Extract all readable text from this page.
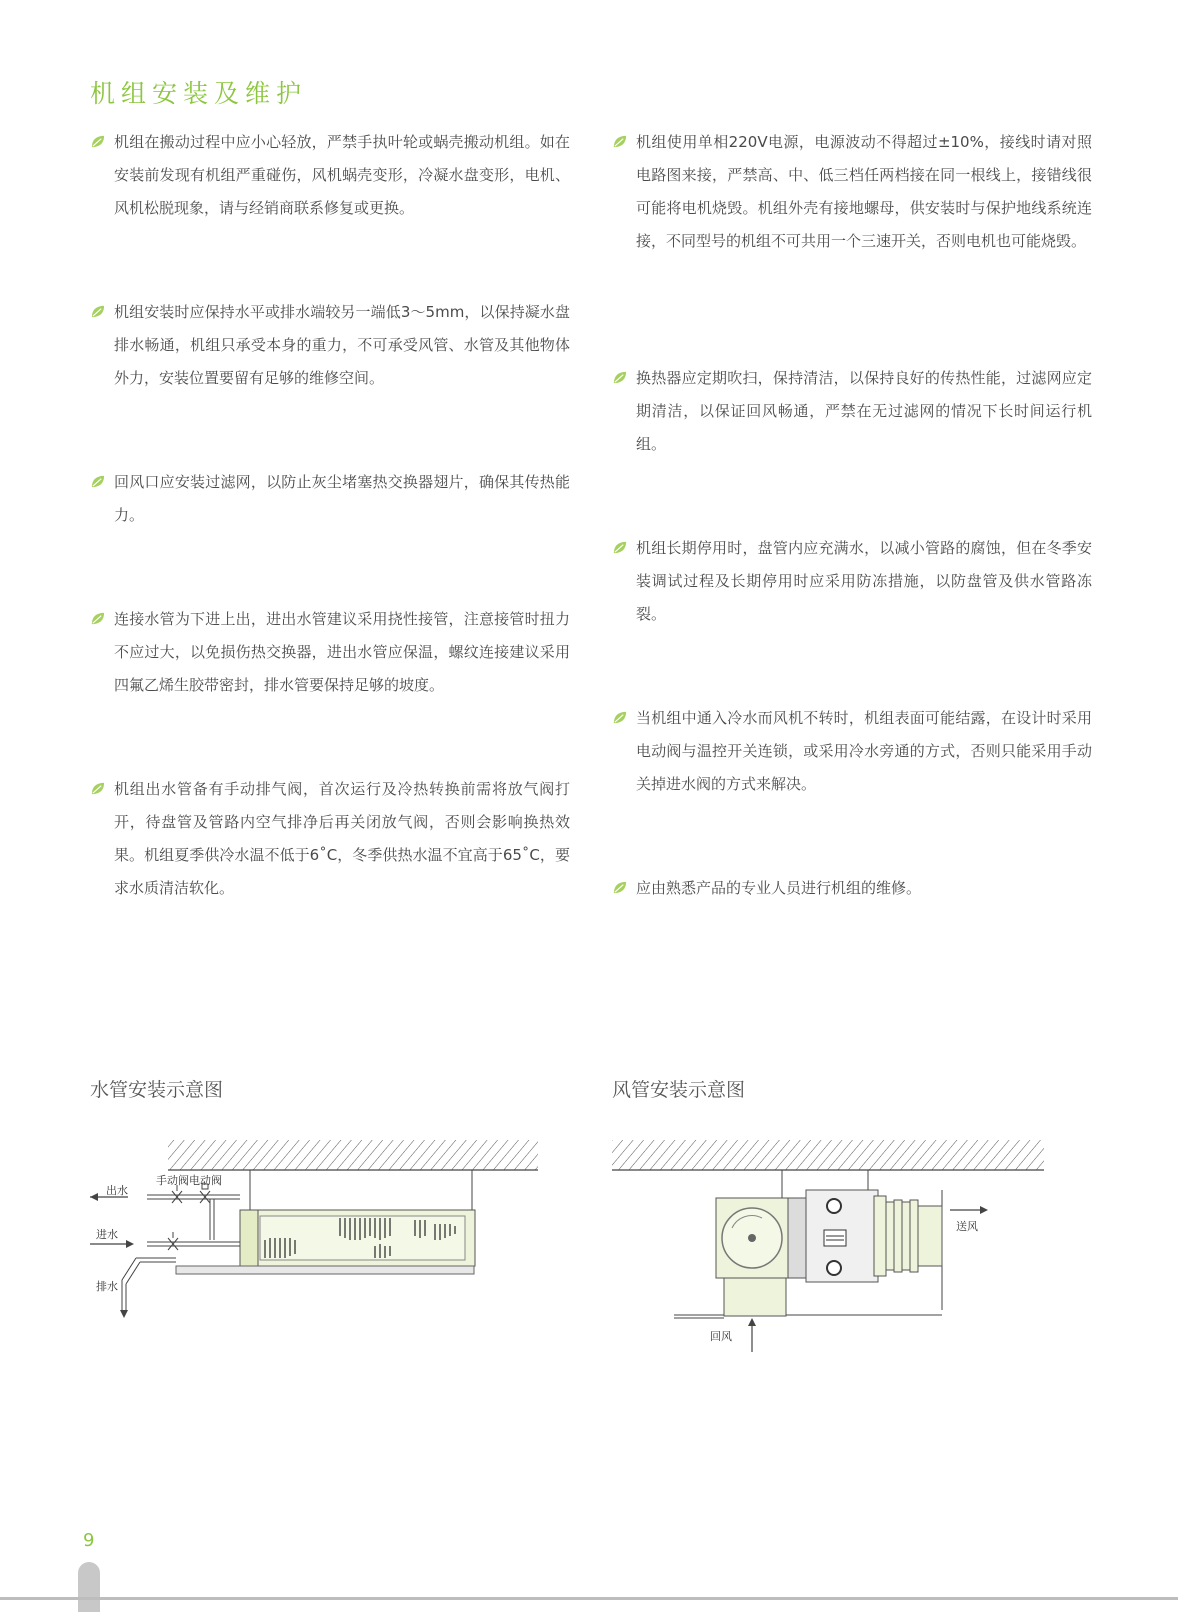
机组安装及维护

机组在搬动过程中应小心轻放，严禁手执叶轮或蜗壳搬动机组。如在安装前发现有机组严重碰伤，风机蜗壳变形，冷凝水盘变形，电机、风机松脱现象，请与经销商联系修复或更换。

机组安装时应保持水平或排水端较另一端低3～5mm，以保持凝水盘排水畅通，机组只承受本身的重力，不可承受风管、水管及其他物体外力，安装位置要留有足够的维修空间。

回风口应安装过滤网，以防止灰尘堵塞热交换器翅片，确保其传热能力。

连接水管为下进上出，进出水管建议采用挠性接管，注意接管时扭力不应过大，以免损伤热交换器，进出水管应保温，螺纹连接建议采用四氟乙烯生胶带密封，排水管要保持足够的坡度。

机组出水管备有手动排气阀，首次运行及冷热转换前需将放气阀打开，待盘管及管路内空气排净后再关闭放气阀，否则会影响换热效果。机组夏季供冷水温不低于6˚C，冬季供热水温不宜高于65˚C，要求水质清洁软化。

机组使用单相220V电源，电源波动不得超过±10%，接线时请对照电路图来接，严禁高、中、低三档任两档接在同一根线上，接错线很可能将电机烧毁。机组外壳有接地螺母，供安装时与保护地线系统连接，不同型号的机组不可共用一个三速开关，否则电机也可能烧毁。

换热器应定期吹扫，保持清洁，以保持良好的传热性能，过滤网应定期清洁，以保证回风畅通，严禁在无过滤网的情况下长时间运行机组。

机组长期停用时，盘管内应充满水，以减小管路的腐蚀，但在冬季安装调试过程及长期停用时应采用防冻措施，以防盘管及供水管路冻裂。

当机组中通入冷水而风机不转时，机组表面可能结露，在设计时采用电动阀与温控开关连锁，或采用冷水旁通的方式，否则只能采用手动关掉进水阀的方式来解决。

应由熟悉产品的专业人员进行机组的维修。

水管安装示意图	风管安装示意图
手动阀电动阀
出水
进水
排水
送风
回风
9
